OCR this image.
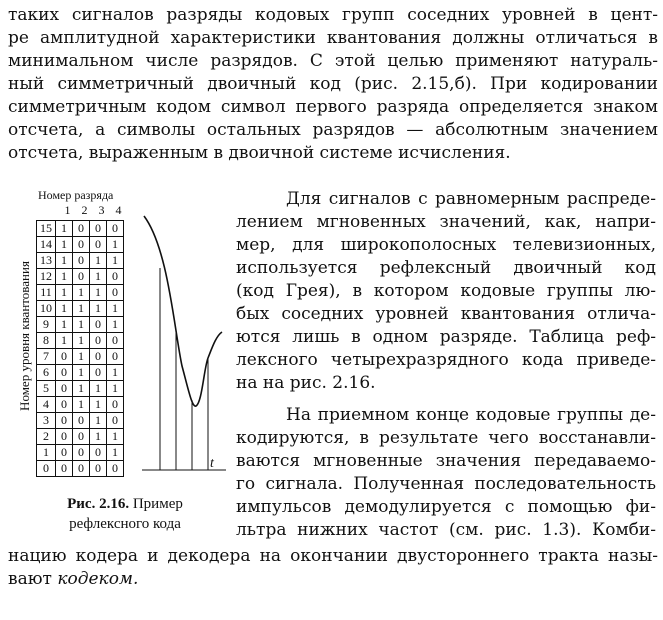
таких сигналов разряды кодовых групп соседних уровней в цент-
ре амплитудной характеристики квантования должны отличаться в
минимальном числе разрядов. С этой целью применяют натураль-
ный симметричный двоичный код (рис. 2.15,б). При кодировании
симметричным кодом символ первого разряда определяется знаком
отсчета, а символы остальных разрядов — абсолютным значением
отсчета, выраженным в двоичной системе исчисления.
Номер разряда
1 2 3 4
Номер уровня квантования
15	1	0	0	0
14	1	0	0	1
13	1	0	1	1
12	1	0	1	0
11	1	1	1	0
10	1	1	1	1
9	1	1	0	1
8	1	1	0	0
7	0	1	0	0
6	0	1	0	1
5	0	1	1	1
4	0	1	1	0
3	0	0	1	0
2	0	0	1	1
1	0	0	0	1
0	0	0	0	0	t
Рис. 2.16. Пример
рефлексного кода
Для сигналов с равномерным распреде-
лением мгновенных значений, как, напри-
мер, для широкополосных телевизионных,
используется рефлексный двоичный код
(код Грея), в котором кодовые группы лю-
бых соседних уровней квантования отлича-
ются лишь в одном разряде. Таблица реф-
лексного четырехразрядного кода приведе-
на на рис. 2.16.
На приемном конце кодовые группы де-
кодируются, в результате чего восстанавли-
ваются мгновенные значения передаваемо-
го сигнала. Полученная последовательность
импульсов демодулируется с помощью фи-
льтра нижних частот (см. рис. 1.3). Комби-
нацию кодера и декодера на окончании двустороннего тракта назы-
вают кодеком.
